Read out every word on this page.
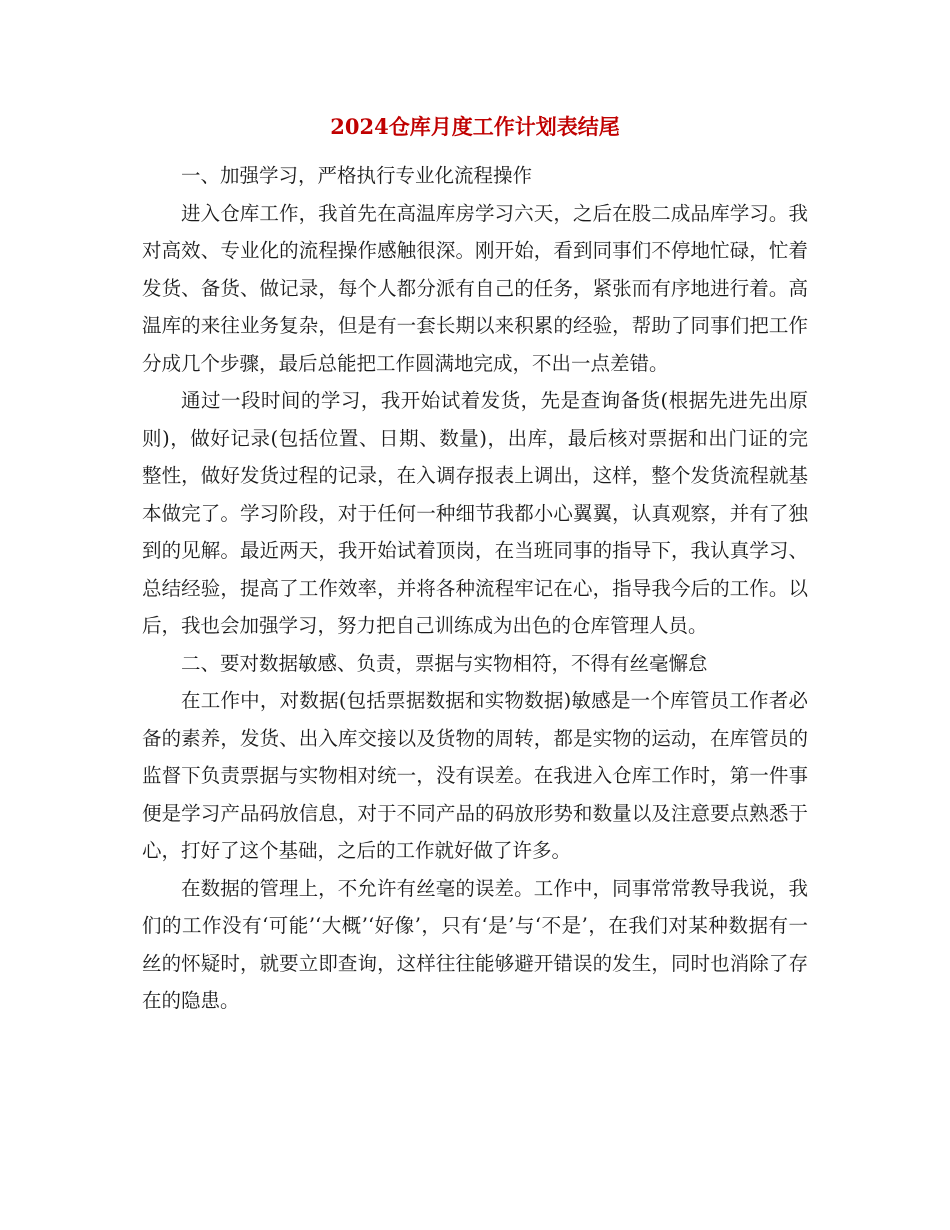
2024仓库月度工作计划表结尾

一、加强学习，严格执行专业化流程操作

进入仓库工作，我首先在高温库房学习六天，之后在股二成品库学习。我对高效、专业化的流程操作感触很深。刚开始，看到同事们不停地忙碌，忙着发货、备货、做记录，每个人都分派有自己的任务，紧张而有序地进行着。高温库的来往业务复杂，但是有一套长期以来积累的经验，帮助了同事们把工作分成几个步骤，最后总能把工作圆满地完成，不出一点差错。

通过一段时间的学习，我开始试着发货，先是查询备货(根据先进先出原则)，做好记录(包括位置、日期、数量)，出库，最后核对票据和出门证的完整性，做好发货过程的记录，在入调存报表上调出，这样，整个发货流程就基本做完了。学习阶段，对于任何一种细节我都小心翼翼，认真观察，并有了独到的见解。最近两天，我开始试着顶岗，在当班同事的指导下，我认真学习、总结经验，提高了工作效率，并将各种流程牢记在心，指导我今后的工作。以后，我也会加强学习，努力把自己训练成为出色的仓库管理人员。

二、要对数据敏感、负责，票据与实物相符，不得有丝毫懈怠

在工作中，对数据(包括票据数据和实物数据)敏感是一个库管员工作者必备的素养，发货、出入库交接以及货物的周转，都是实物的运动，在库管员的监督下负责票据与实物相对统一，没有误差。在我进入仓库工作时，第一件事便是学习产品码放信息，对于不同产品的码放形势和数量以及注意要点熟悉于心，打好了这个基础，之后的工作就好做了许多。

在数据的管理上，不允许有丝毫的误差。工作中，同事常常教导我说，我们的工作没有‘可能’‘大概’‘好像’，只有‘是’与‘不是’，在我们对某种数据有一丝的怀疑时，就要立即查询，这样往往能够避开错误的发生，同时也消除了存在的隐患。
